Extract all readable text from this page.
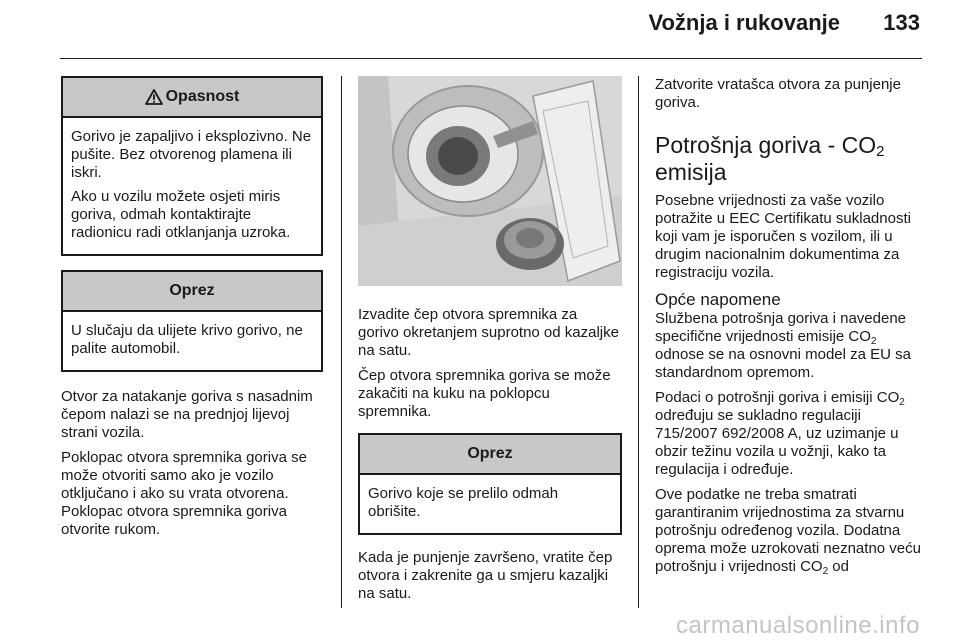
Vožnja i rukovanje 133
Opasnost

Gorivo je zapaljivo i eksplozivno. Ne pušite. Bez otvorenog plamena ili iskri.

Ako u vozilu možete osjeti miris goriva, odmah kontaktirajte radionicu radi otklanjanja uzroka.

Oprez

U slučaju da ulijete krivo gorivo, ne palite automobil.

Otvor za natakanje goriva s nasadnim čepom nalazi se na prednjoj lijevoj strani vozila.

Poklopac otvora spremnika goriva se može otvoriti samo ako je vozilo otključano i ako su vrata otvorena. Poklopac otvora spremnika goriva otvorite rukom.

Izvadite čep otvora spremnika za gorivo okretanjem suprotno od kazaljke na satu.

Čep otvora spremnika goriva se može zakačiti na kuku na poklopcu spremnika.

Oprez

Gorivo koje se prelilo odmah obrišite.

Kada je punjenje završeno, vratite čep otvora i zakrenite ga u smjeru kazaljki na satu.

Zatvorite vratašca otvora za punjenje goriva.

Potrošnja goriva - $CO_2$
emisija

Posebne vrijednosti za vaše vozilo potražite u EEC Certifikatu sukladnosti koji vam je isporučen s vozilom, ili u drugim nacionalnim dokumentima za registraciju vozila.

Opće napomene

Službena potrošnja goriva i navedene specifične vrijednosti emisije $CO_2$ odnose se na osnovni model za EU sa standardnom opremom.

Podaci o potrošnji goriva i emisiji $CO_2$ određuju se sukladno regulaciji 715/2007 692/2008 A, uz uzimanje u obzir težinu vozila u vožnji, kako ta regulacija i određuje.

Ove podatke ne treba smatrati garantiranim vrijednostima za stvarnu potrošnju određenog vozila. Dodatna oprema može uzrokovati neznatno veću potrošnju i vrijednosti $CO_2$ od

carmanualsonline.info
